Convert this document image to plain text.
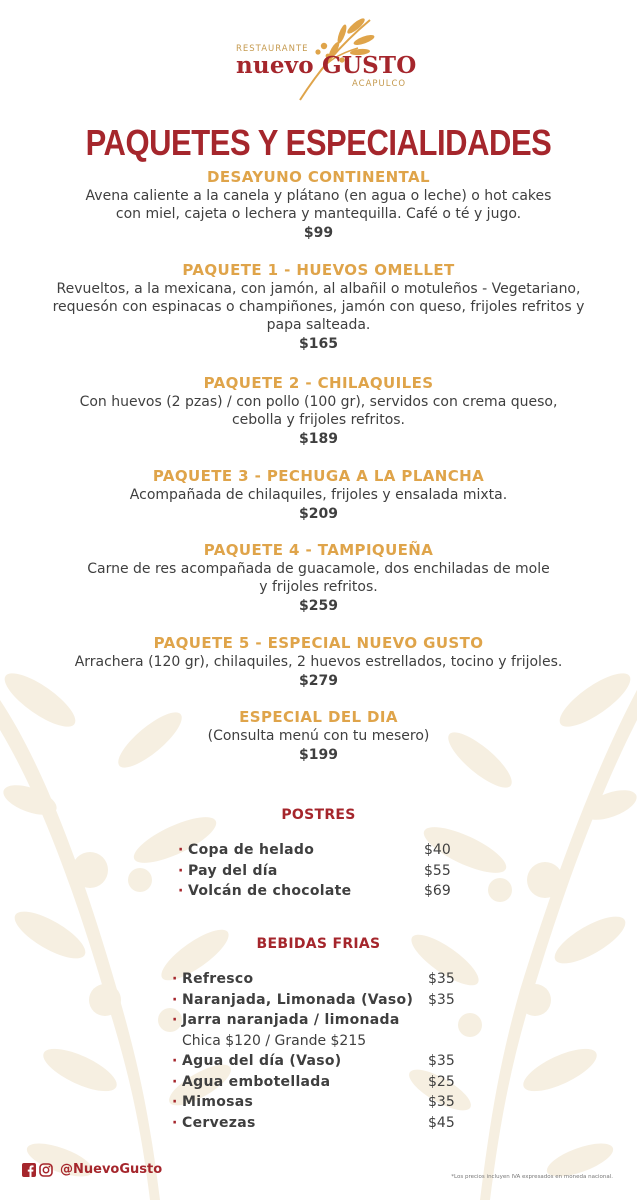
RESTAURANTE
nuevo GUSTO
ACAPULCO
PAQUETES Y ESPECIALIDADES
DESAYUNO CONTINENTAL
Avena caliente a la canela y plátano (en agua o leche) o hot cakes
con miel, cajeta o lechera y mantequilla. Café o té y jugo.
$99
PAQUETE 1 - HUEVOS OMELLET
Revueltos, a la mexicana, con jamón, al albañil o motuleños - Vegetariano,
requesón con espinacas o champiñones, jamón con queso, frijoles refritos y
papa salteada.
$165
PAQUETE 2 - CHILAQUILES
Con huevos (2 pzas) / con pollo (100 gr), servidos con crema queso,
cebolla y frijoles refritos.
$189
PAQUETE 3 - PECHUGA A LA PLANCHA
Acompañada de chilaquiles, frijoles y ensalada mixta.
$209
PAQUETE 4 - TAMPIQUEÑA
Carne de res acompañada de guacamole, dos enchiladas de mole
y frijoles refritos.
$259
PAQUETE 5 - ESPECIAL NUEVO GUSTO
Arrachera (120 gr), chilaquiles, 2 huevos estrellados, tocino y frijoles.
$279
ESPECIAL DEL DIA
(Consulta menú con tu mesero)
$199
POSTRES
· Copa de helado	$40
· Pay del día	$55
· Volcán de chocolate	$69
BEBIDAS FRIAS
· Refresco	$35
· Naranjada, Limonada (Vaso) $35
· Jarra naranjada / limonada
Chica $120 / Grande $215
· Agua del día (Vaso)	$35
· Agua embotellada	$25
· Mimosas	$35
· Cervezas	$45
@NuevoGusto	*Los precios incluyen IVA expresados en moneda nacional.
